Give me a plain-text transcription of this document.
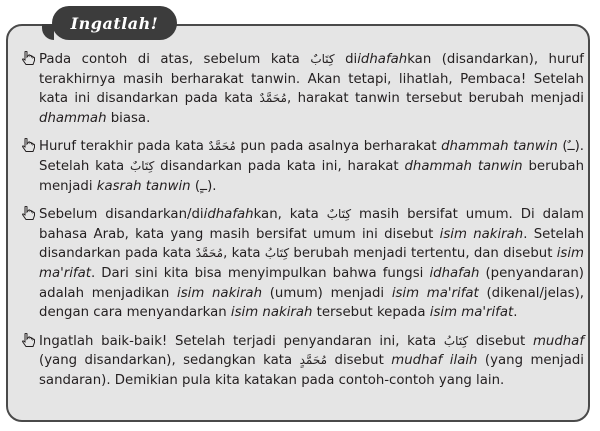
Ingatlah!
Pada contoh di atas, sebelum kata كِتَابٌ diidhafahkan (disandarkan), huruf terakhirnya masih berharakat tanwin. Akan tetapi, lihatlah, Pembaca! Setelah kata ini disandarkan pada kata مُحَمَّدٌ, harakat tanwin tersebut berubah menjadi dhammah biasa.
Huruf terakhir pada kata مُحَمَّدٌ pun pada asalnya berharakat dhammah tanwin (ــٌ). Setelah kata كِتَابٌ disandarkan pada kata ini, harakat dhammah tanwin berubah menjadi kasrah tanwin (ــٍ).
Sebelum disandarkan/diidhafahkan, kata كِتَابٌ masih bersifat umum. Di dalam bahasa Arab, kata yang masih bersifat umum ini disebut isim nakirah. Setelah disandarkan pada kata مُحَمَّدٌ, kata كِتَابُ berubah menjadi tertentu, dan disebut isim ma'rifat. Dari sini kita bisa menyimpulkan bahwa fungsi idhafah (penyandaran) adalah menjadikan isim nakirah (umum) menjadi isim ma'rifat (dikenal/jelas), dengan cara menyandarkan isim nakirah tersebut kepada isim ma'rifat.
Ingatlah baik-baik! Setelah terjadi penyandaran ini, kata كِتَابُ disebut mudhaf (yang disandarkan), sedangkan kata مُحَمَّدٍ disebut mudhaf ilaih (yang menjadi sandaran). Demikian pula kita katakan pada contoh-contoh yang lain.
